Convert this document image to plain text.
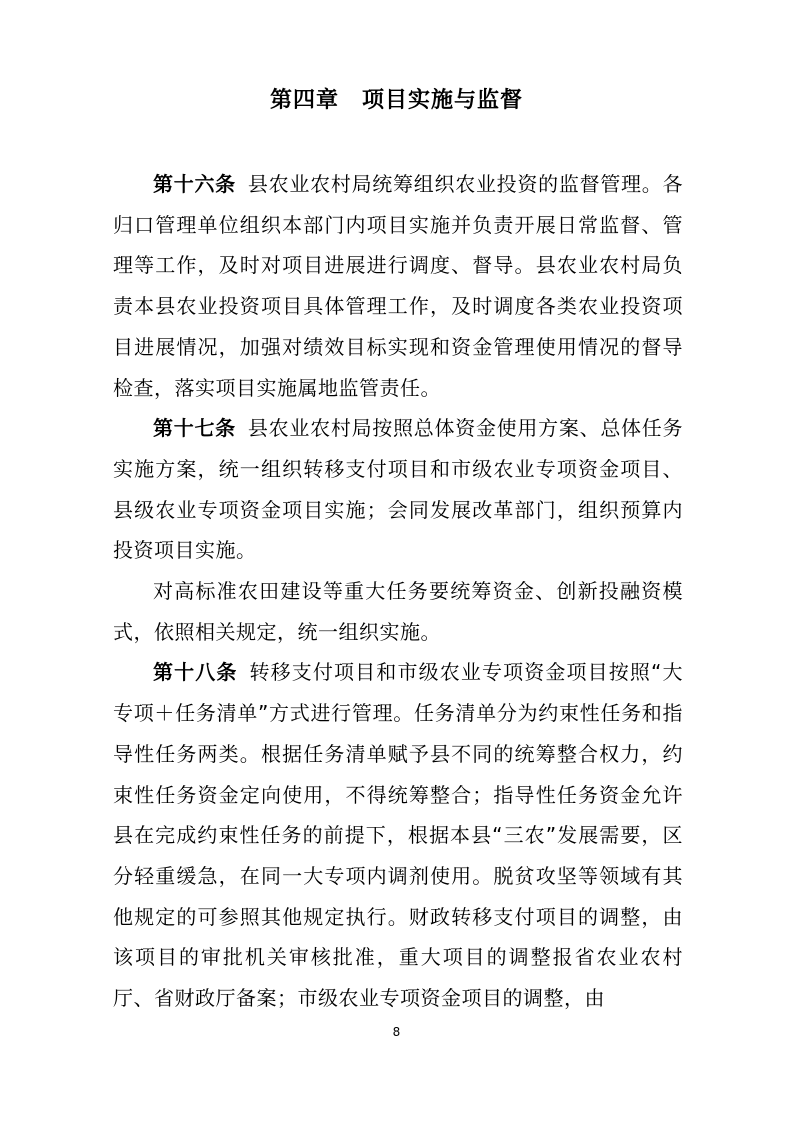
第四章　项目实施与监督

第十六条 县农业农村局统筹组织农业投资的监督管理。各归口管理单位组织本部门内项目实施并负责开展日常监督、管理等工作，及时对项目进展进行调度、督导。县农业农村局负责本县农业投资项目具体管理工作，及时调度各类农业投资项目进展情况，加强对绩效目标实现和资金管理使用情况的督导检查，落实项目实施属地监管责任。

第十七条 县农业农村局按照总体资金使用方案、总体任务实施方案，统一组织转移支付项目和市级农业专项资金项目、县级农业专项资金项目实施；会同发展改革部门，组织预算内投资项目实施。

对高标准农田建设等重大任务要统筹资金、创新投融资模式，依照相关规定，统一组织实施。

第十八条 转移支付项目和市级农业专项资金项目按照“大专项＋任务清单”方式进行管理。任务清单分为约束性任务和指导性任务两类。根据任务清单赋予县不同的统筹整合权力，约束性任务资金定向使用，不得统筹整合；指导性任务资金允许县在完成约束性任务的前提下，根据本县“三农”发展需要，区分轻重缓急，在同一大专项内调剂使用。脱贫攻坚等领域有其他规定的可参照其他规定执行。财政转移支付项目的调整，由该项目的审批机关审核批准，重大项目的调整报省农业农村厅、省财政厅备案；市级农业专项资金项目的调整，由

8
